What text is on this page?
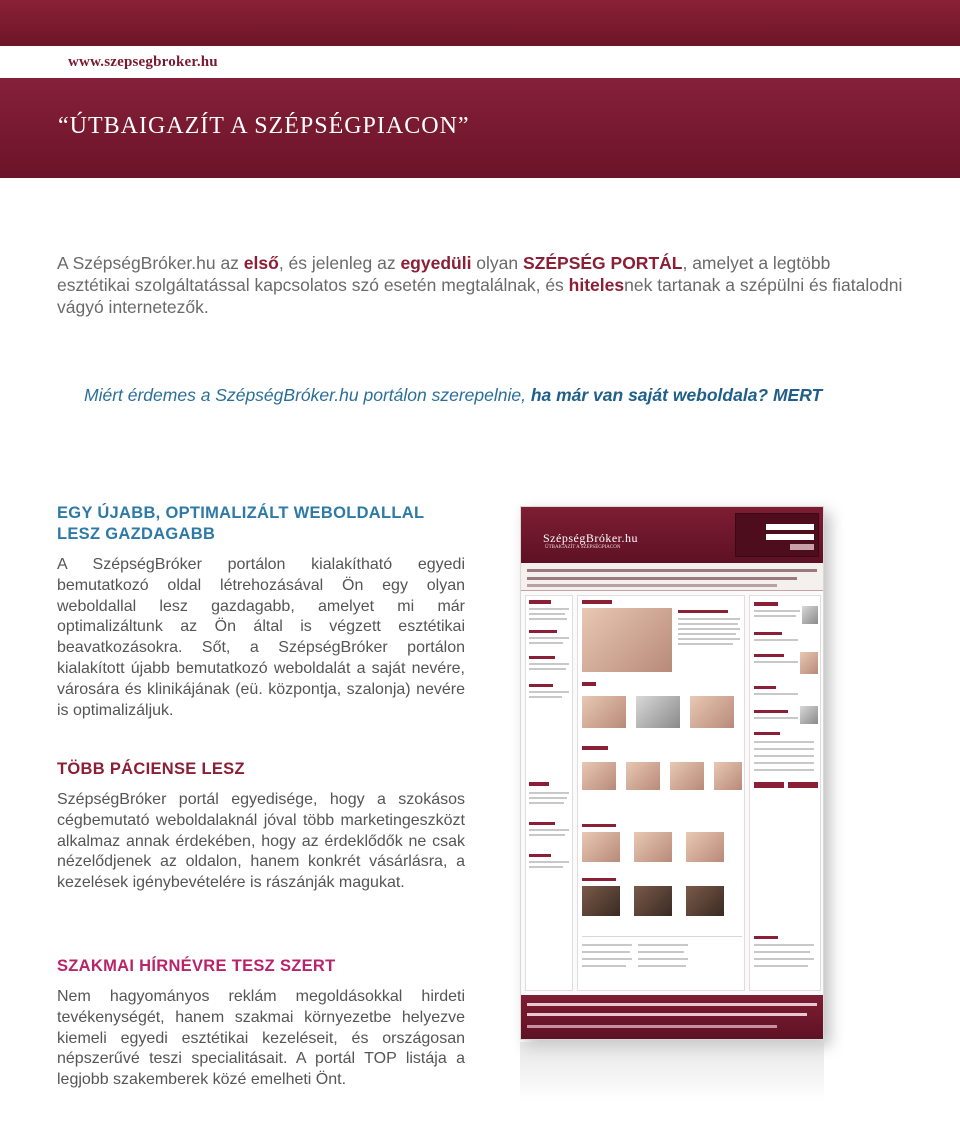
www.szepsegbroker.hu
“ÚTBAIGAZÍT A SZÉPSÉGPIACON”

A SzépségBróker.hu az első, és jelenleg az egyedüli olyan SZÉPSÉG PORTÁL, amelyet a legtöbb esztétikai szolgáltatással kapcsolatos szó esetén megtalálnak, és hitelesnek tartanak a szépülni és fiatalodni vágyó internetezők.

Miért érdemes a SzépségBróker.hu portálon szerepelnie, ha már van saját weboldala? MERT
EGY ÚJABB, OPTIMALIZÁLT WEBOLDALLAL LESZ GAZDAGABB

A SzépségBróker portálon kialakítható egyedi bemutatkozó oldal létrehozásával Ön egy olyan weboldallal lesz gazdagabb, amelyet mi már optimalizáltunk az Ön által is végzett esztétikai beavatkozásokra. Sőt, a SzépségBróker portálon kialakított újabb bemutatkozó weboldalát a saját nevére, városára és klinikájának (eü. központja, szalonja) nevére is optimalizáljuk.

TÖBB PÁCIENSE LESZ

SzépségBróker portál egyedisége, hogy a szokásos cégbemutató weboldalaknál jóval több marketingeszközt alkalmaz annak érdekében, hogy az érdeklődők ne csak nézelődjenek az oldalon, hanem konkrét vásárlásra, a kezelések igénybevételére is rászánják magukat.

SZAKMAI HÍRNÉVRE TESZ SZERT

Nem hagyományos reklám megoldásokkal hirdeti tevékenységét, hanem szakmai környezetbe helyezve kiemeli egyedi esztétikai kezeléseit, és országosan népszerűvé teszi specialitásait. A portál TOP listája a legjobb szakemberek közé emelheti Önt.

SzépségBróker.hu
ÚTBAIGAZÍT A SZÉPSÉGPIACON
